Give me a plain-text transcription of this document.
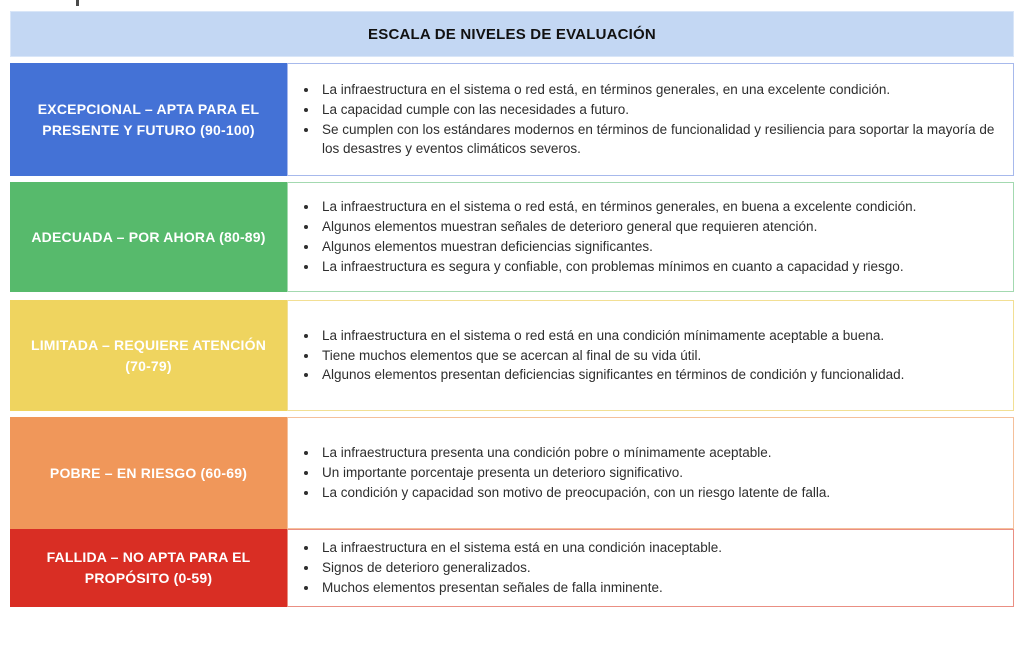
ESCALA DE NIVELES DE EVALUACIÓN
EXCEPCIONAL – APTA PARA EL PRESENTE Y FUTURO (90-100)
• La infraestructura en el sistema o red está, en términos generales, en una excelente condición.
• La capacidad cumple con las necesidades a futuro.
• Se cumplen con los estándares modernos en términos de funcionalidad y resiliencia para soportar la mayoría de los desastres y eventos climáticos severos.
ADECUADA – POR AHORA (80-89)
• La infraestructura en el sistema o red está, en términos generales, en buena a excelente condición.
• Algunos elementos muestran señales de deterioro general que requieren atención.
• Algunos elementos muestran deficiencias significantes.
• La infraestructura es segura y confiable, con problemas mínimos en cuanto a capacidad y riesgo.
LIMITADA – REQUIERE ATENCIÓN (70-79)
• La infraestructura en el sistema o red está en una condición mínimamente aceptable a buena.
• Tiene muchos elementos que se acercan al final de su vida útil.
• Algunos elementos presentan deficiencias significantes en términos de condición y funcionalidad.
POBRE – EN RIESGO (60-69)
• La infraestructura presenta una condición pobre o mínimamente aceptable.
• Un importante porcentaje presenta un deterioro significativo.
• La condición y capacidad son motivo de preocupación, con un riesgo latente de falla.
FALLIDA – NO APTA PARA EL PROPÓSITO (0-59)
• La infraestructura en el sistema está en una condición inaceptable.
• Signos de deterioro generalizados.
• Muchos elementos presentan señales de falla inminente.
